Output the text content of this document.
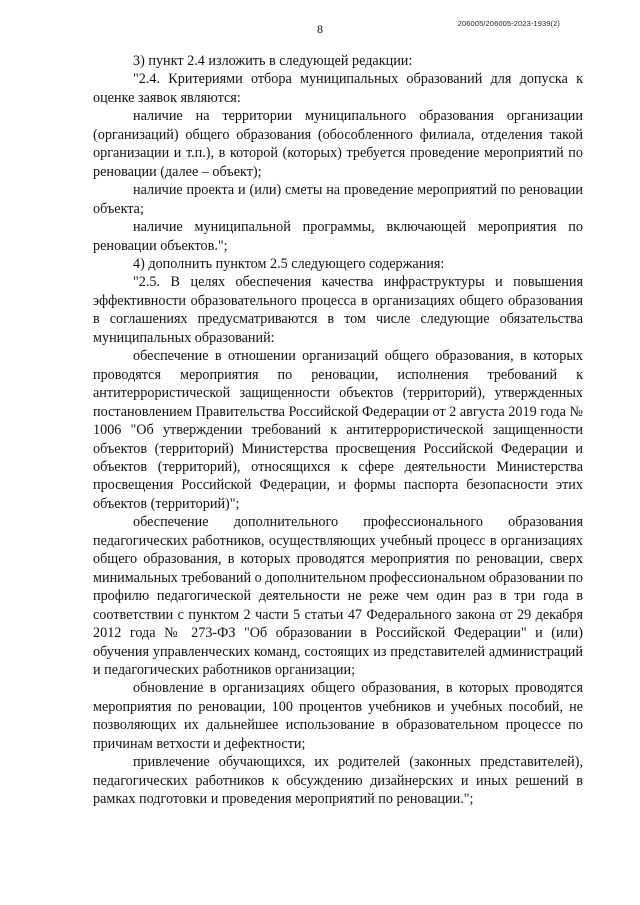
206005/206005-2023-1939(2)
8

3) пункт 2.4 изложить в следующей редакции:

"2.4. Критериями отбора муниципальных образований для допуска к оценке заявок являются:

наличие на территории муниципального образования организации (организаций) общего образования (обособленного филиала, отделения такой организации и т.п.), в которой (которых) требуется проведение мероприятий по реновации (далее – объект);

наличие проекта и (или) сметы на проведение мероприятий по реновации объекта;

наличие муниципальной программы, включающей мероприятия по реновации объектов.";

4) дополнить пунктом 2.5 следующего содержания:

"2.5. В целях обеспечения качества инфраструктуры и повышения эффективности образовательного процесса в организациях общего образования в соглашениях предусматриваются в том числе следующие обязательства муниципальных образований:

обеспечение в отношении организаций общего образования, в которых проводятся мероприятия по реновации, исполнения требований к антитеррористической защищенности объектов (территорий), утвержденных постановлением Правительства Российской Федерации от 2 августа 2019 года № 1006 "Об утверждении требований к антитеррористической защищенности объектов (территорий) Министерства просвещения Российской Федерации и объектов (территорий), относящихся к сфере деятельности Министерства просвещения Российской Федерации, и формы паспорта безопасности этих объектов (территорий)";

обеспечение дополнительного профессионального образования педагогических работников, осуществляющих учебный процесс в организациях общего образования, в которых проводятся мероприятия по реновации, сверх минимальных требований о дополнительном профессиональном образовании по профилю педагогической деятельности не реже чем один раз в три года в соответствии с пунктом 2 части 5 статьи 47 Федерального закона от 29 декабря 2012 года № 273-ФЗ "Об образовании в Российской Федерации" и (или) обучения управленческих команд, состоящих из представителей администраций и педагогических работников организации;

обновление в организациях общего образования, в которых проводятся мероприятия по реновации, 100 процентов учебников и учебных пособий, не позволяющих их дальнейшее использование в образовательном процессе по причинам ветхости и дефектности;

привлечение обучающихся, их родителей (законных представителей), педагогических работников к обсуждению дизайнерских и иных решений в рамках подготовки и проведения мероприятий по реновации.";
